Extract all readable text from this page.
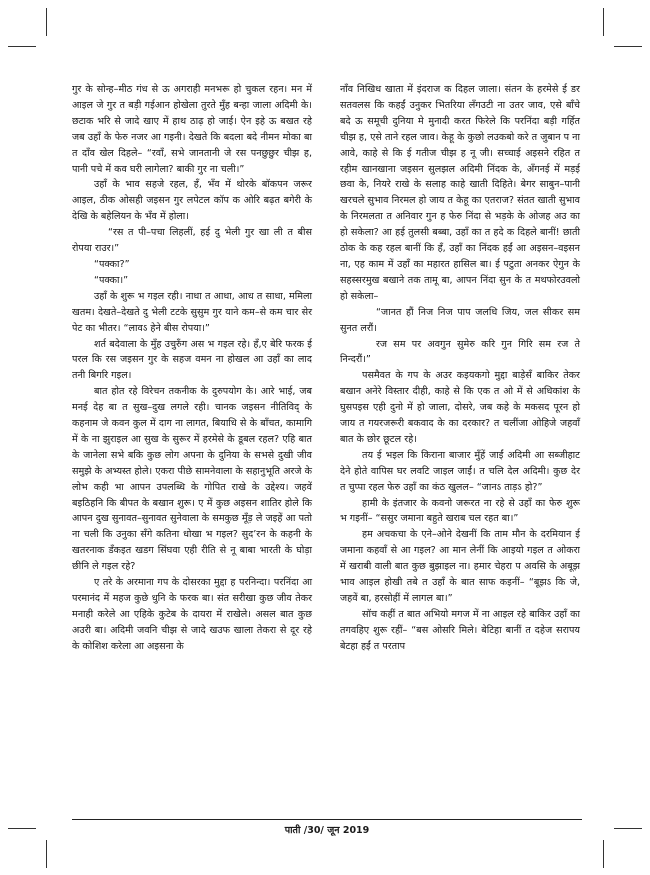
गुर के सोन्ह–मीठ गंध से ऊ अगराही मनभरू हो चुकल रहन। मन में आइल जे गुर त बड़ी गईआन होखेला तुरते मुँह बन्हा जाला अदिमी के। छटाक भरि से जादे खाए में हाथ ठाढ़ हो जाई। ऐन इहे ऊ बखत रहे जब उहाँ के फेरु नजर आ गइनी। देखते कि बदला बदे नीमन मोका बा त दाँव खेल दिहले– “रवाँ, सभे जानतानी जे रस पनछुछुर चीझ ह, पानी पचे में कव घरी लागेला? बाकी गुर ना चली।”

उहाँ के भाव सहजे रहल, हँ, भँव में थोरके बॉकपन जरूर आइल, ठीक ओसही जइसन गुर लपेटल कॉप क ओरि बढ़त बगेरी के देखि के बहेलियन के भँव में होला।

“रस त पी–पचा लिहलीं, हई दु भेली गुर खा ली त बीस रोपया राउर।”

“पक्का?”

“पक्का।”

उहाँ के शुरू भ गइल रही। नाधा त आधा, आध त साधा, ममिला खतम। देखते–देखते दु भेली टटके सुसुम गुर याने कम–से कम चार सेर पेट का भीतर। “लावऽ हेने बीस रोपया।”

शर्त बदेवाला के मुँह उचुरुँग अस भ गइल रहे। हँ,ए बेरि फरक ई परल कि रस जइसन गुर के सहज वमन ना होखल आ उहाँ का लाद तनी बिगरि गइल।

बात होत रहे विरेचन तकनीक के दुरुपयोग के। आरे भाई, जब मनई देह बा त सुख–दुख लगले रही। चानक जइसन नीतिविद् के कहनाम जे कवन कुल में दाग ना लागत, बियाधि से के बाँचत, कामागि में के ना झुराइल आ सुख के सुरूर में हरमेसे के डूबल रहल? एहि बात के जानेला सभे बकि कुछ लोग अपना के दुनिया के सभसे दुखी जीव समुझे के अभ्यस्त होले। एकरा पीछे सामनेवाला के सहानुभूति अरजे के लोभ कही भा आपन उपलब्धि के गोपित राखे के उद्देश्य। जहवें बइठिहनि कि बीपत के बखान शुरू। ए में कुछ अइसन शातिर होले कि आपन दुख सुनावत–सुनावत सुनेवाला के समकुछ मूँड़ ले जइहें आ पतो ना चली कि उनुका सँगे कतिना धोखा भ गइल? सुद’रन के कहनी के खतरनाक डँकइत खडग सिंघवा एही रीति से नू बाबा भारती के घोड़ा छीनि ले गइल रहे?

ए तरे के अरमाना गप के दोसरका मुद्दा ह परनिन्दा। परनिंदा आ परमानंद में महज कुछे धुनि के फरक बा। संत सरीखा कुछ जीव तेकर मनाही करेले आ एहिके कुटेब के दायरा में राखेले। असल बात कुछ अउरी बा। अदिमी जवनि चीझ से जादे खउफ खाला तेकरा से दूर रहे के कोशिश करेला आ अइसना के

नाँव निखिध खाता में इंदराज क दिहल जाला। संतन के हरमेसे ई डर सतवलस कि कहईं उनुकर भितरिया लँगउटी ना उतर जाव, एसे बाँचे बदे ऊ समूची दुनिया मे मुनादी करत फिरेले कि परनिंदा बड़ी गर्हित चीझ ह, एसे ताने रहल जाव। केहू के कुछो लउकबो करे त जुबान प ना आवे, काहे से कि ई गतीज चीझ ह नू जी। सच्चाई अइसने रहित त रहीम खानखाना जइसन सुलझल अदिमी निंदक के, अँगनई में मड़ई छवा के, नियरे राखे के सलाह काहे खाती दिहिते। बेगर साबुन–पानी खरचले सुभाव निरमल हो जाय त केहू का एतराज? संतत खाती सुभाव के निरमलता त अनिवार गुन ह फेरु निंदा से भड़के के ओजह अउ का हो सकेला? आ हई तुलसी बब्बा, उहाँ का त हदे क दिहले बानीं! छाती ठोक के कह रहल बानीं कि हँ, उहाँ का निंदक हईं आ अइसन–वइसन ना, एह काम में उहाँ का महारत हासिल बा। ई पटुता अनकर ऐगुन के सहस्सरमुख बखाने तक तामू बा, आपन निंदा सुन के त मथफोरउवलो हो सकेला–

“जानत हौं निज निज पाप जलधि जिय, जल सीकर सम सुनत लरौं।

रज सम पर अवगुन सुमेरु करि गुन गिरि सम रज ते निन्दरौं।”

पसमैवत के गप के अउर कइयकगो मुद्दा बाड़ेसँ बाकिर तेकर बखान अनेरे विस्तार दीही, काहे से कि एक त ओ में से अधिकांश के घुसपइस एही दुनो में हो जाला, दोसरे, जब कहे के मकसद पूरन हो जाय त गयरजरूरी बकवाद के का दरकार? त चलींजा ओहिजे जहवाँ बात के छोर छूटल रहे।

तय ई भइल कि किराना बाजार मुँहें जाईं अदिमी आ सब्जीहाट देने होते वापिस घर लवटि जाइल जाईं। त चलि देल अदिमी। कुछ देर त चुप्पा रहल फेरु उहाँ का कंठ खुलल– “जानऽ ताड़ऽ हो?”

हामी के इंतजार के कवनो जरूरत ना रहे से उहाँ का फेरु शुरू भ गइनीं– “ससुर जमाना बहुते खराब चल रहत बा।”

हम अचकचा के एने–ओने देखनीं कि ताम मौन के दरमियान ई जमाना कहवाँ से आ गइल? आ मान लेनीं कि आइयो गइल त ओकरा में खराबी वाली बात कुछ बुझाइल ना। हमार चेहरा प अवसि के अबूझ भाव आइल होखी तबे त उहाँ के बात साफ कइनीं– “बूझऽ कि जे, जहवें बा, हरसोहीं में लागल बा।”

सॉच कहीं त बात अभियो मगज में ना आइल रहे बाकिर उहाँ का तगवहिए शुरू रहीं– “बस ओसरि मिले। बेटिहा बानीं त दहेज सरापय बेटहा हईं त परताप

पाती /30/ जून 2019
